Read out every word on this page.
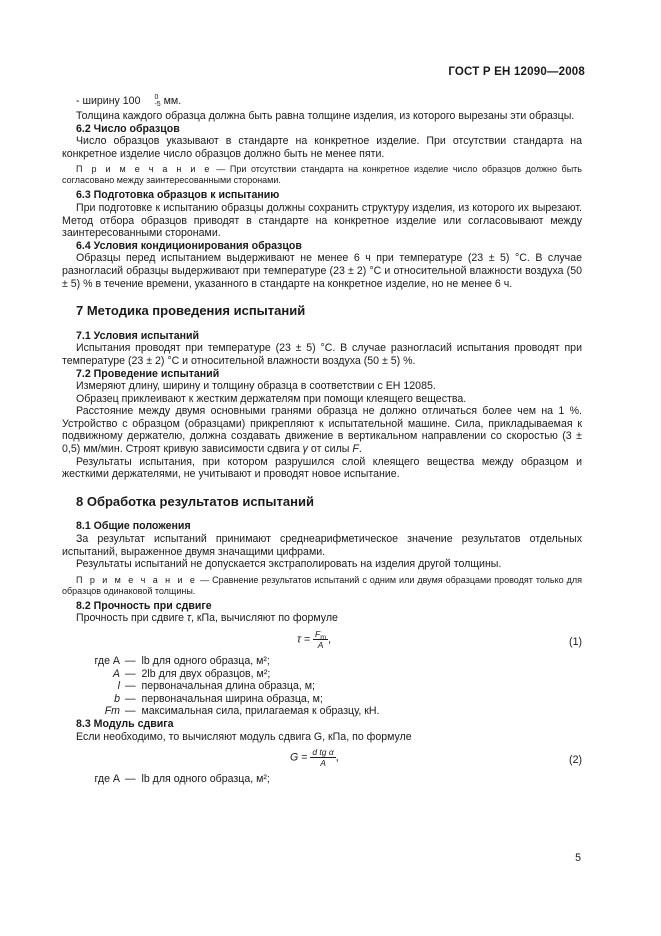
ГОСТ Р ЕН 12090—2008

- ширину 100	0
-5 мм.

Толщина каждого образца должна быть равна толщине изделия, из которого вырезаны эти образцы.

6.2 Число образцов

Число образцов указывают в стандарте на конкретное изделие. При отсутствии стандарта на конкретное изделие число образцов должно быть не менее пяти.

П р и м е ч а н и е — При отсутствии стандарта на конкретное изделие число образцов должно быть согласовано между заинтересованными сторонами.

6.3 Подготовка образцов к испытанию

При подготовке к испытанию образцы должны сохранить структуру изделия, из которого их вырезают. Метод отбора образцов приводят в стандарте на конкретное изделие или согласовывают между заинтересованными сторонами.

6.4 Условия кондиционирования образцов

Образцы перед испытанием выдерживают не менее 6 ч при температуре (23 ± 5) °С. В случае разногласий образцы выдерживают при температуре (23 ± 2) °С и относительной влажности воздуха (50 ± 5) % в течение времени, указанного в стандарте на конкретное изделие, но не менее 6 ч.

7 Методика проведения испытаний

7.1 Условия испытаний

Испытания проводят при температуре (23 ± 5) °С. В случае разногласий испытания проводят при температуре (23 ± 2) °С и относительной влажности воздуха (50 ± 5) %.

7.2 Проведение испытаний

Измеряют длину, ширину и толщину образца в соответствии с ЕН 12085.

Образец приклеивают к жестким держателям при помощи клеящего вещества.

Расстояние между двумя основными гранями образца не должно отличаться более чем на 1 %. Устройство с образцом (образцами) прикрепляют к испытательной машине. Сила, прикладываемая к подвижному держателю, должна создавать движение в вертикальном направлении со скоростью (3 ± 0,5) мм/мин. Строят кривую зависимости сдвига γ от силы F.

Результаты испытания, при котором разрушился слой клеящего вещества между образцом и жесткими держателями, не учитывают и проводят новое испытание.

8 Обработка результатов испытаний

8.1 Общие положения

За результат испытаний принимают среднеарифметическое значение результатов отдельных испытаний, выраженное двумя значащими цифрами.

Результаты испытаний не допускается экстраполировать на изделия другой толщины.

П р и м е ч а н и е — Сравнение результатов испытаний с одним или двумя образцами проводят только для образцов одинаковой толщины.

8.2 Прочность при сдвиге

Прочность при сдвиге τ, кПа, вычисляют по формуле

$\tau = \frac{F_m}{A}$ ,	(1)
где A — lb для одного образца, м²;
A — 2lb для двух образцов, м²;
l — первоначальная длина образца, м;
b — первоначальная ширина образца, м;
Fm — максимальная сила, прилагаемая к образцу, кН.

8.3 Модуль сдвига

Если необходимо, то вычисляют модуль сдвига G, кПа, по формуле

$G = \frac{\text{d tg α}}{A}$ ,	(2)
где A — lb для одного образца, м²;
5
